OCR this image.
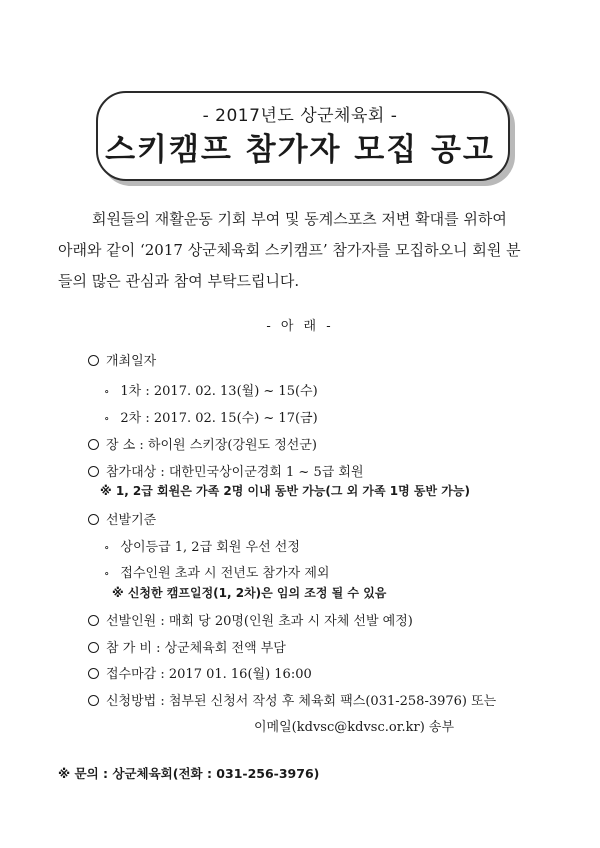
- 2017년도 상군체육회 -
스키캠프 참가자 모집 공고
회원들의 재활운동 기회 부여 및 동계스포츠 저변 확대를 위하여
아래와 같이 ‘2017 상군체육회 스키캠프’ 참가자를 모집하오니 회원 분
들의 많은 관심과 참여 부탁드립니다.
- 아 래 -
개최일자
∘ 1차 : 2017. 02. 13(월) ~ 15(수)
∘ 2차 : 2017. 02. 15(수) ~ 17(금)
장 소 : 하이원 스키장(강원도 정선군)
참가대상 : 대한민국상이군경회 1 ~ 5급 회원
※ 1, 2급 회원은 가족 2명 이내 동반 가능(그 외 가족 1명 동반 가능)
선발기준
∘ 상이등급 1, 2급 회원 우선 선정
∘ 접수인원 초과 시 전년도 참가자 제외
※ 신청한 캠프일정(1, 2차)은 임의 조정 될 수 있음
선발인원 : 매회 당 20명(인원 초과 시 자체 선발 예정)
참 가 비 : 상군체육회 전액 부담
접수마감 : 2017 01. 16(월) 16:00
신청방법 : 첨부된 신청서 작성 후 체육회 팩스(031-258-3976) 또는
이메일(kdvsc@kdvsc.or.kr) 송부
※ 문의 : 상군체육회(전화 : 031-256-3976)
